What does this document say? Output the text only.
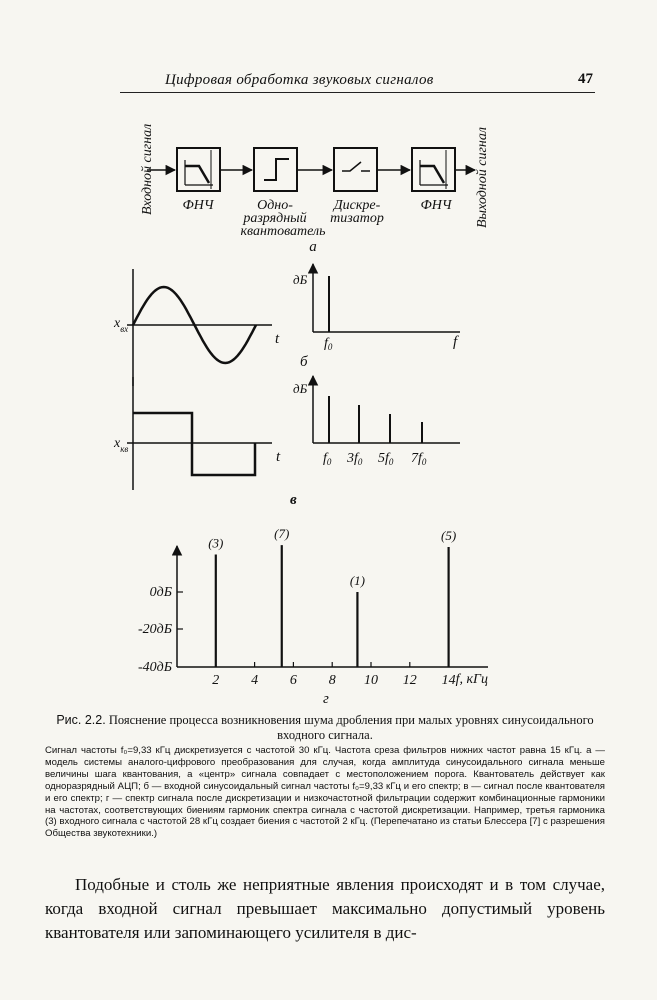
Цифровая обработка звуковых сигналов	47
Входной сигнал	Выходной сигнал
ФНЧ	Одно-
разрядный
квантователь
Дискре-
тизатор
ФНЧ
а
$x_{вх}$
t
дБ
$f_0$	f
б
$x_{кв}$	t
дБ
$f_0$ $3f_0$ $5f_0$ $7f_0$
в
0дБ
-20дБ
-40дБ
f, кГц
г
2 4 6 8 10 12 14
(3)
(7)
(1)
(5)
Рис. 2.2. Пояснение процесса возникновения шума дробления при малых уровнях синусоидального входного сигнала.
Сигнал частоты f₀=9,33 кГц дискретизуется с частотой 30 кГц. Частота среза фильтров нижних частот равна 15 кГц. а — модель системы аналого-цифрового преобразования для случая, когда амплитуда синусоидального сигнала меньше величины шага квантования, а «центр» сигнала совпадает с местоположением порога. Квантователь действует как одноразрядный АЦП; б — входной синусоидальный сигнал частоты f₀=9,33 кГц и его спектр; в — сигнал после квантователя и его спектр; г — спектр сигнала после дискретизации и низкочастотной фильтрации содержит комбинационные гармоники на частотах, соответствующих биениям гармоник спектра сигнала с частотой дискретизации. Например, третья гармоника (3) входного сигнала с частотой 28 кГц создает биения с частотой 2 кГц. (Перепечатано из статьи Блессера [7] с разрешения Общества звукотехники.)
Подобные и столь же неприятные явления происходят и в том случае, когда входной сигнал превышает максимально допустимый уровень квантователя или запоминающего усилителя в дис-
